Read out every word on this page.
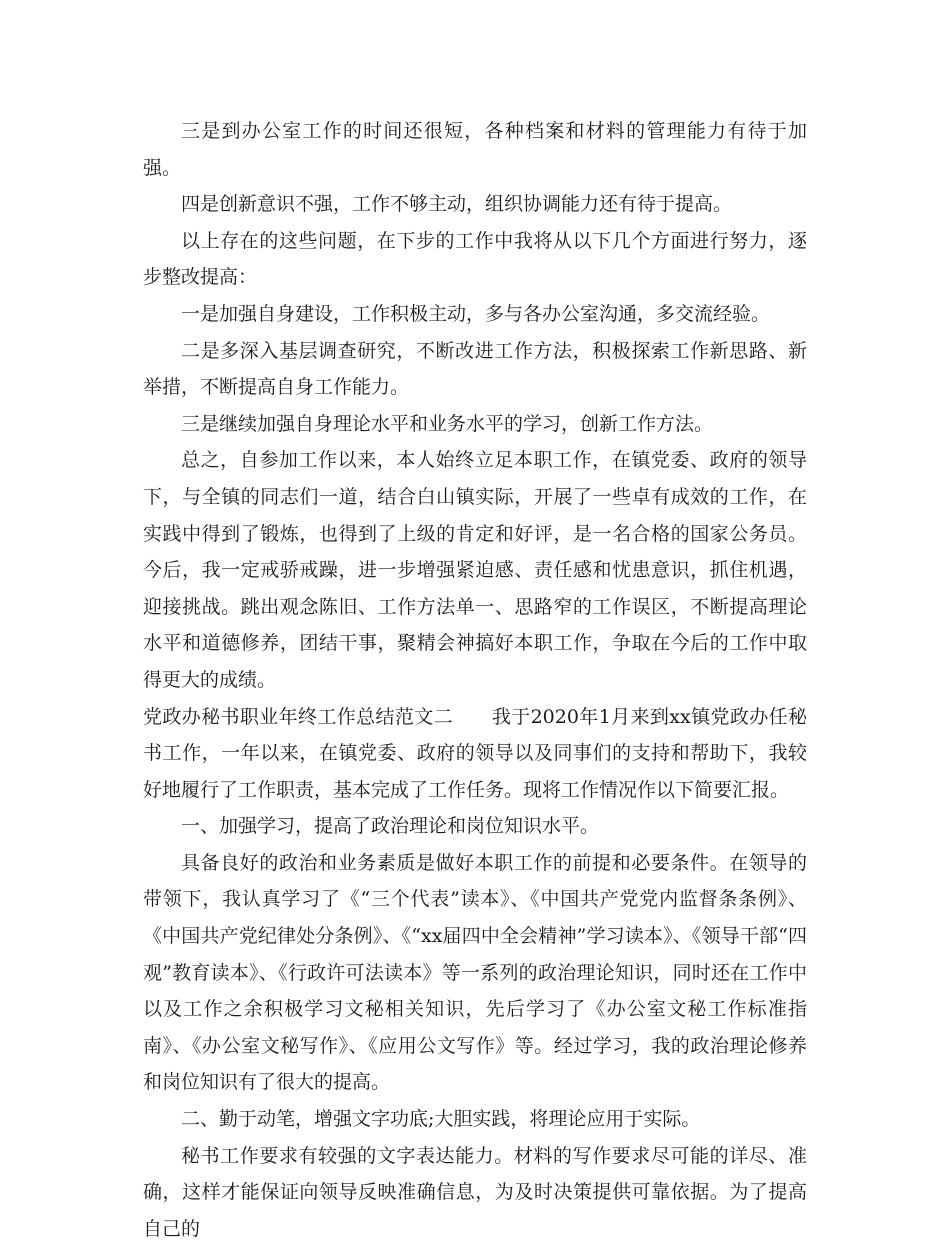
三是到办公室工作的时间还很短，各种档案和材料的管理能力有待于加强。

四是创新意识不强，工作不够主动，组织协调能力还有待于提高。

以上存在的这些问题，在下步的工作中我将从以下几个方面进行努力，逐步整改提高：

一是加强自身建设，工作积极主动，多与各办公室沟通，多交流经验。

二是多深入基层调查研究，不断改进工作方法，积极探索工作新思路、新举措，不断提高自身工作能力。

三是继续加强自身理论水平和业务水平的学习，创新工作方法。

总之，自参加工作以来，本人始终立足本职工作，在镇党委、政府的领导下，与全镇的同志们一道，结合白山镇实际，开展了一些卓有成效的工作，在实践中得到了锻炼，也得到了上级的肯定和好评，是一名合格的国家公务员。今后，我一定戒骄戒躁，进一步增强紧迫感、责任感和忧患意识，抓住机遇，迎接挑战。跳出观念陈旧、工作方法单一、思路窄的工作误区，不断提高理论水平和道德修养，团结干事，聚精会神搞好本职工作，争取在今后的工作中取得更大的成绩。

党政办秘书职业年终工作总结范文二　　我于2020年1月来到xx镇党政办任秘书工作，一年以来，在镇党委、政府的领导以及同事们的支持和帮助下，我较好地履行了工作职责，基本完成了工作任务。现将工作情况作以下简要汇报。

一、加强学习，提高了政治理论和岗位知识水平。

具备良好的政治和业务素质是做好本职工作的前提和必要条件。在领导的带领下，我认真学习了《“三个代表”读本》、《中国共产党党内监督条条例》、《中国共产党纪律处分条例》、《“xx届四中全会精神”学习读本》、《领导干部“四观”教育读本》、《行政许可法读本》等一系列的政治理论知识，同时还在工作中以及工作之余积极学习文秘相关知识，先后学习了《办公室文秘工作标准指南》、《办公室文秘写作》、《应用公文写作》等。经过学习，我的政治理论修养和岗位知识有了很大的提高。

二、勤于动笔，增强文字功底;大胆实践，将理论应用于实际。

秘书工作要求有较强的文字表达能力。材料的写作要求尽可能的详尽、准确，这样才能保证向领导反映准确信息，为及时决策提供可靠依据。为了提高自己的
